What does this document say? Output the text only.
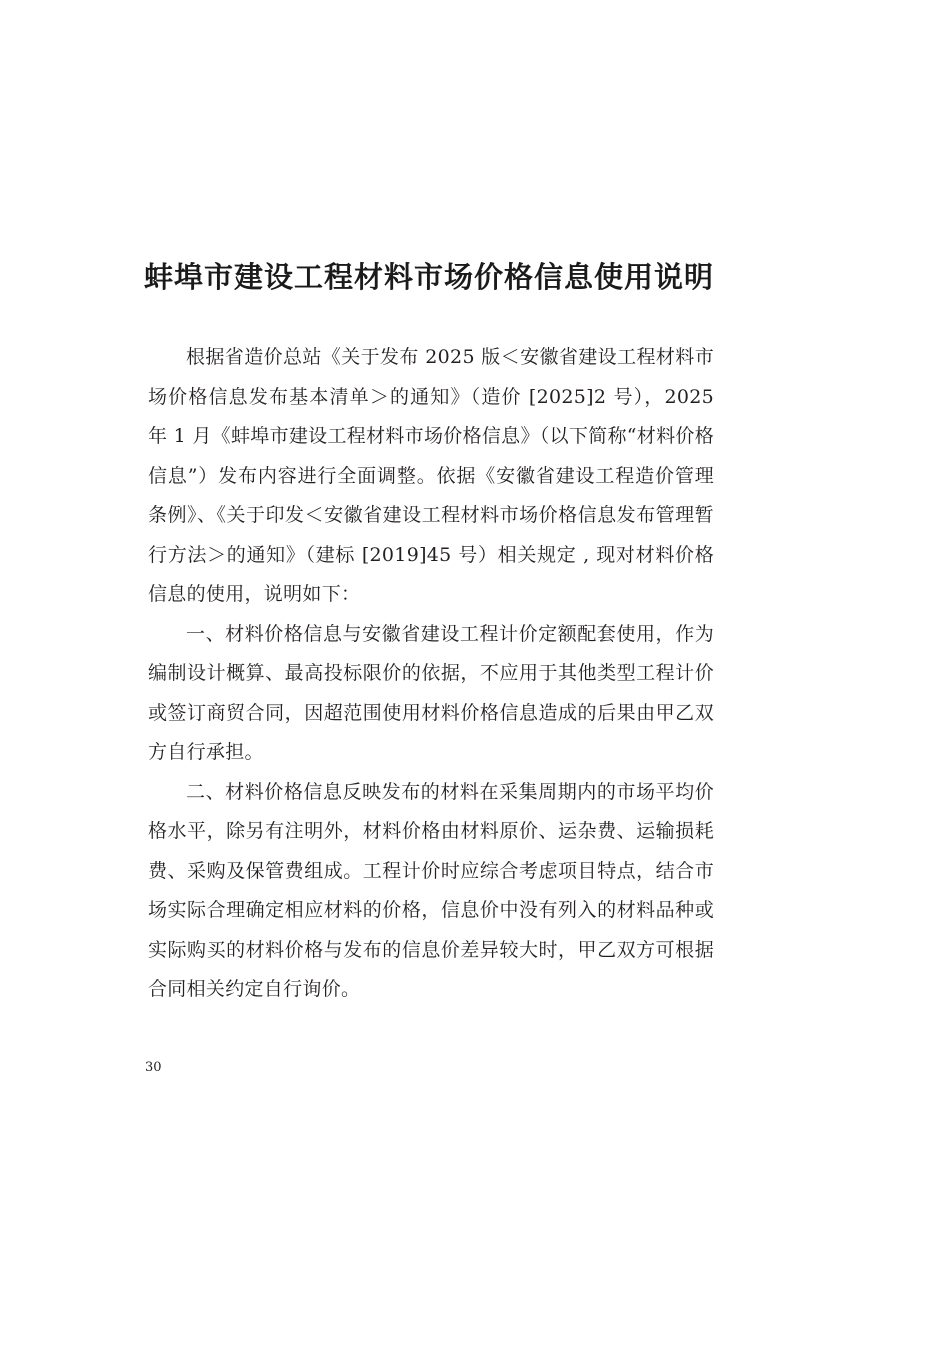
蚌埠市建设工程材料市场价格信息使用说明

根据省造价总站《关于发布 2025 版＜安徽省建设工程材料市场价格信息发布基本清单＞的通知》（造价 [2025]2 号），2025 年 1 月《蚌埠市建设工程材料市场价格信息》（以下简称“材料价格信息”）发布内容进行全面调整。依据《安徽省建设工程造价管理条例》、《关于印发＜安徽省建设工程材料市场价格信息发布管理暂行方法＞的通知》（建标 [2019]45 号）相关规定 , 现对材料价格信息的使用，说明如下：

一、材料价格信息与安徽省建设工程计价定额配套使用，作为编制设计概算、最高投标限价的依据，不应用于其他类型工程计价或签订商贸合同，因超范围使用材料价格信息造成的后果由甲乙双方自行承担。

二、材料价格信息反映发布的材料在采集周期内的市场平均价格水平，除另有注明外，材料价格由材料原价、运杂费、运输损耗费、采购及保管费组成。工程计价时应综合考虑项目特点，结合市场实际合理确定相应材料的价格，信息价中没有列入的材料品种或实际购买的材料价格与发布的信息价差异较大时，甲乙双方可根据合同相关约定自行询价。

30
